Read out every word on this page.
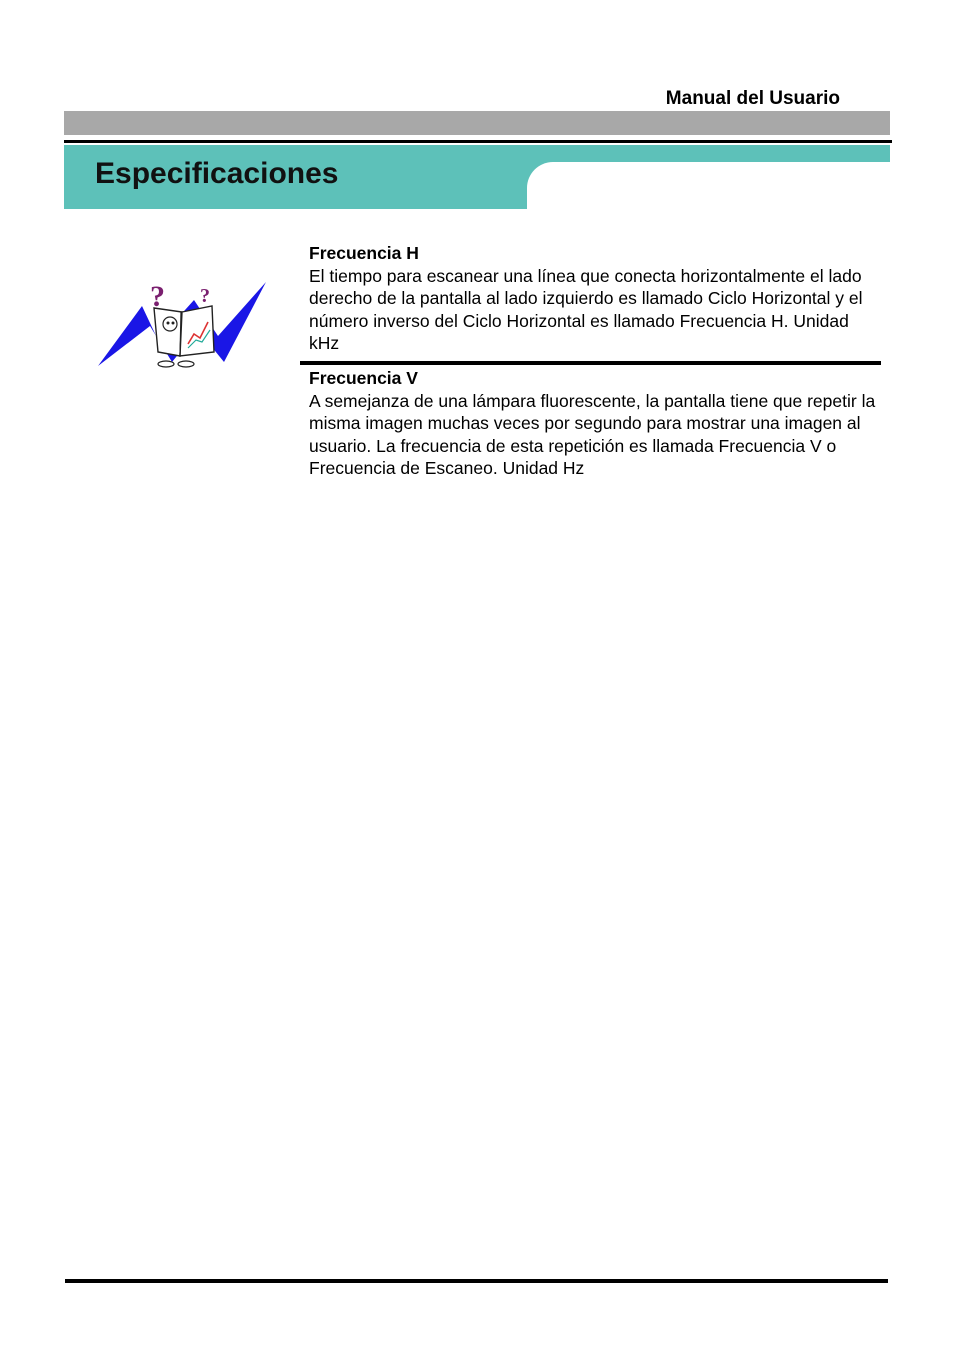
Manual del Usuario
Especificaciones
? ?
Frecuencia H
El tiempo para escanear una línea que conecta horizontalmente el lado derecho de la pantalla al lado izquierdo es llamado Ciclo Horizontal y el número inverso del Ciclo Horizontal es llamado Frecuencia H. Unidad kHz
Frecuencia V
A semejanza de una lámpara fluorescente, la pantalla tiene que repetir la misma imagen muchas veces por segundo para mostrar una imagen al usuario. La frecuencia de esta repetición es llamada Frecuencia V o Frecuencia de Escaneo. Unidad Hz
